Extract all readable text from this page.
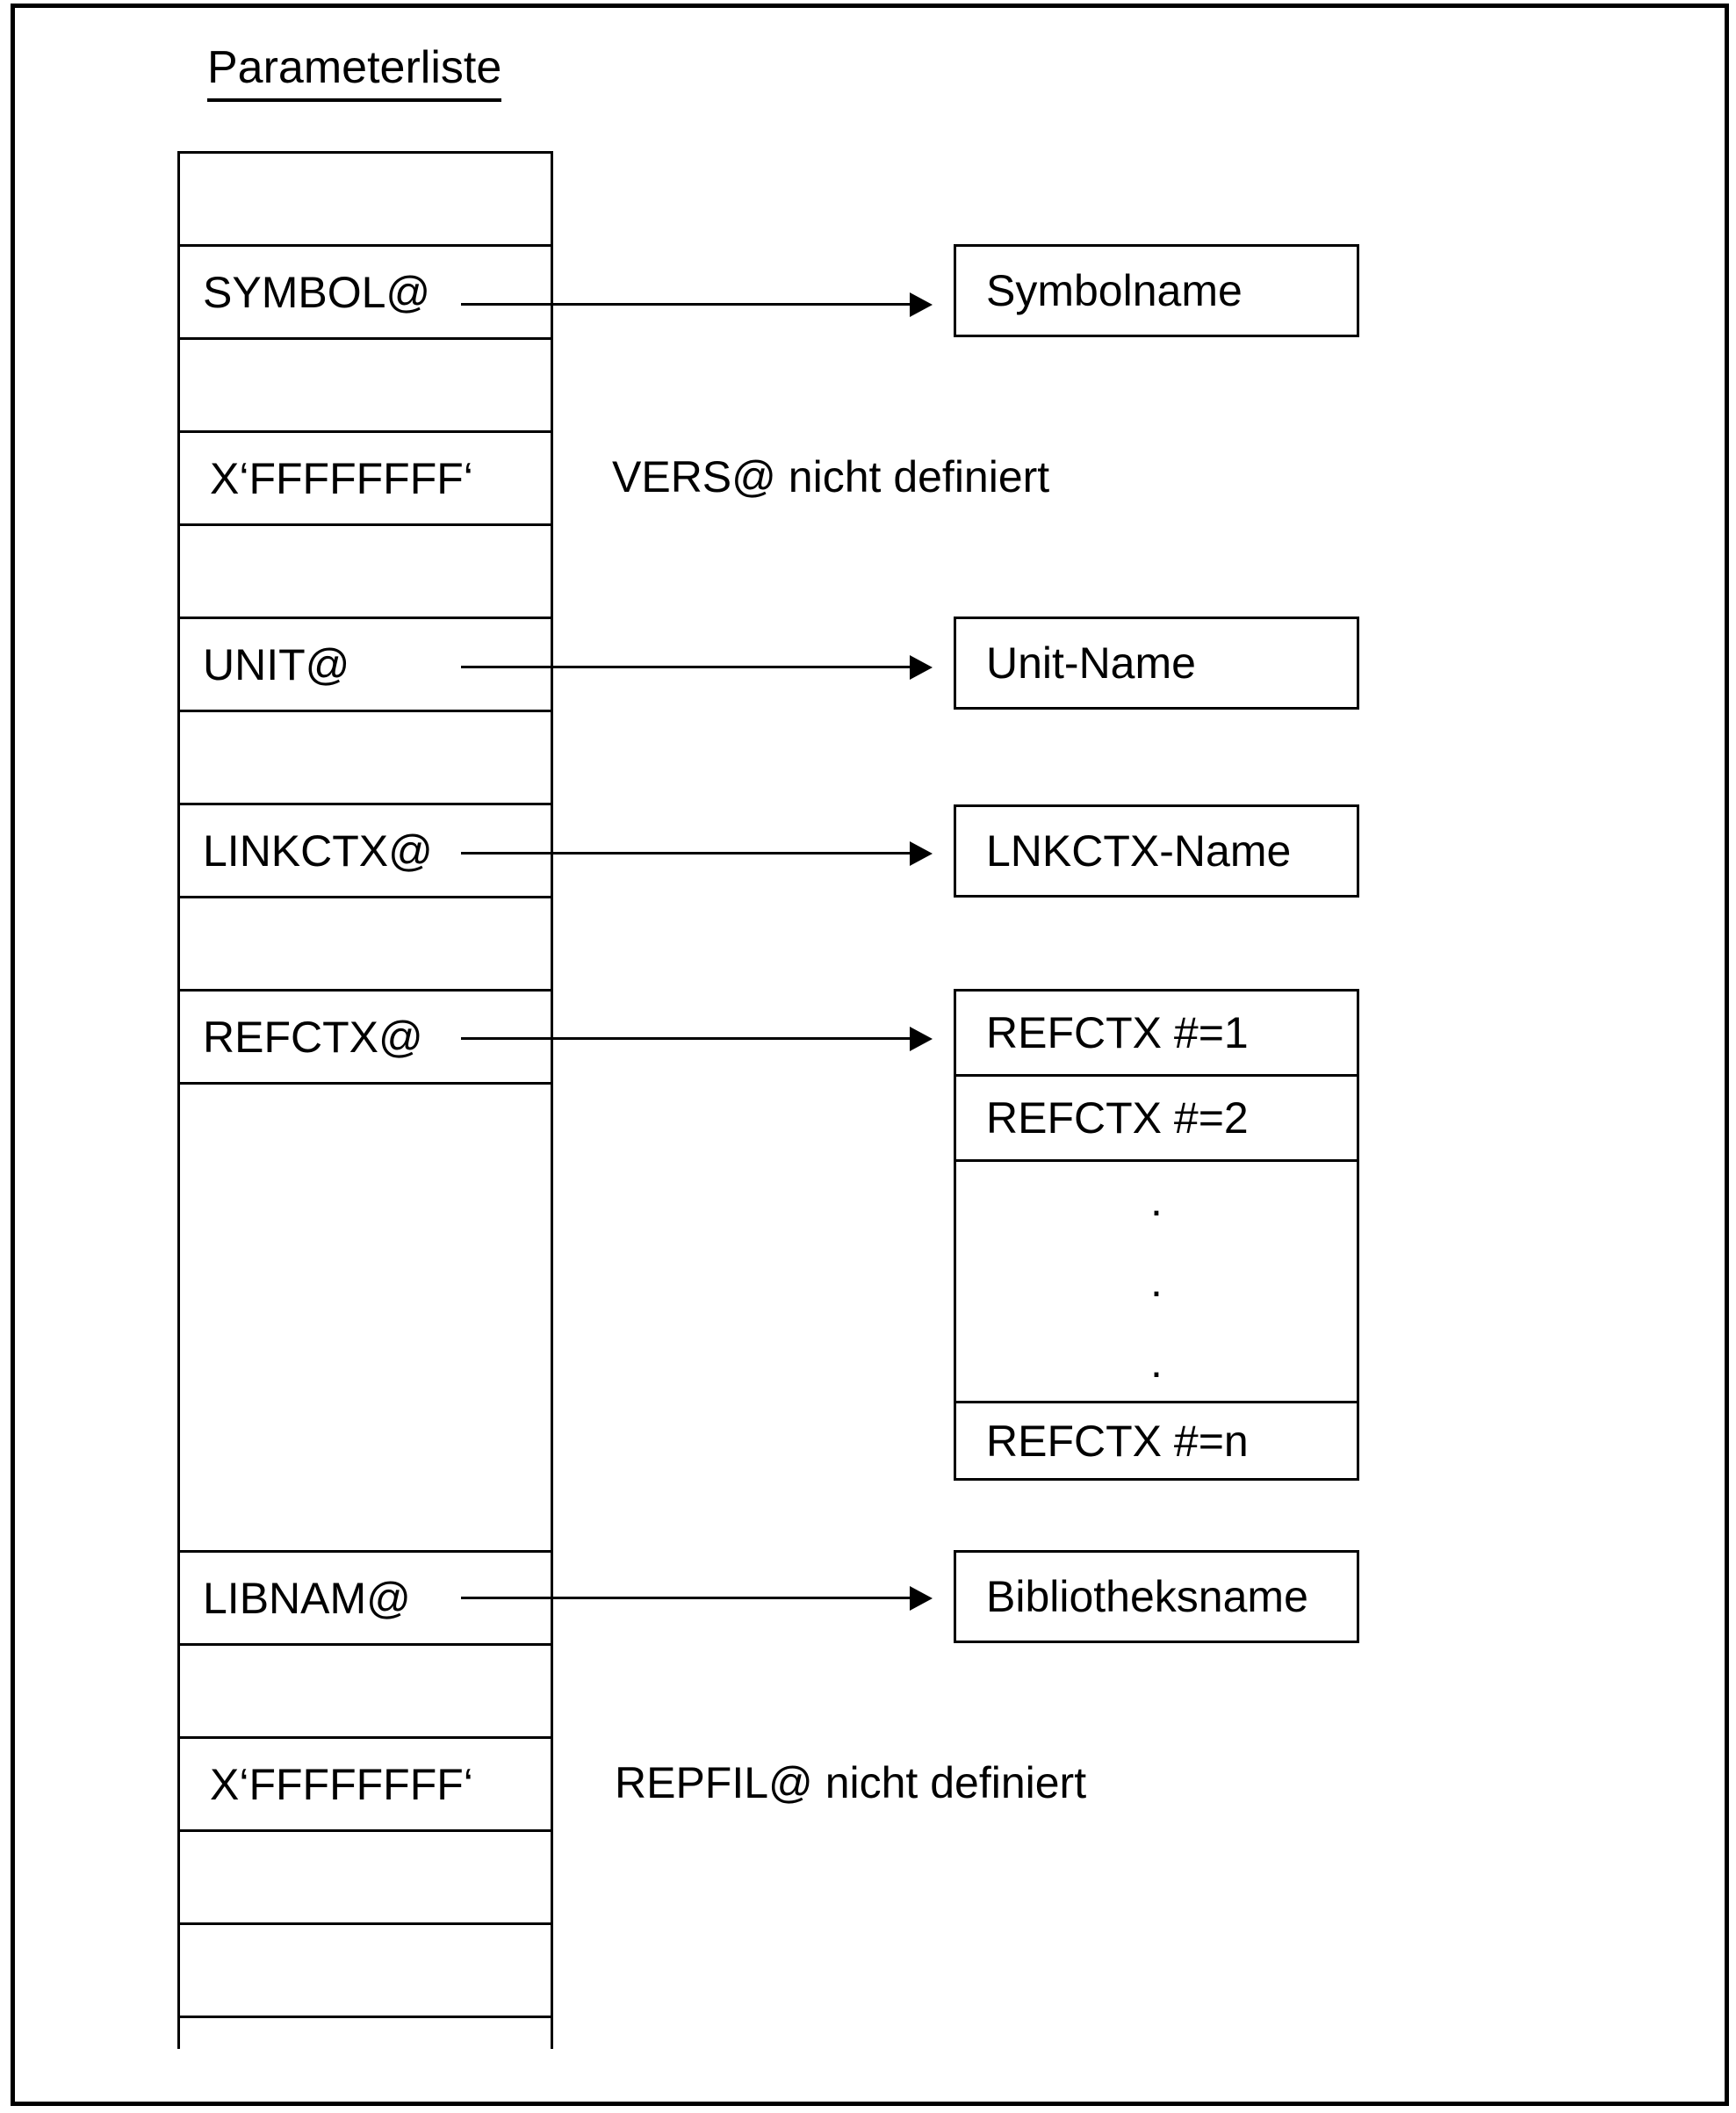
Parameterliste
SYMBOL@
X‘FFFFFFFF‘
UNIT@
LINKCTX@
REFCTX@
LIBNAM@
X‘FFFFFFFF‘
Symbolname
Unit-Name
LNKCTX-Name
REFCTX #=1
REFCTX #=2
.
.
.
REFCTX #=n
Bibliotheksname
VERS@ nicht definiert
REPFIL@ nicht definiert
